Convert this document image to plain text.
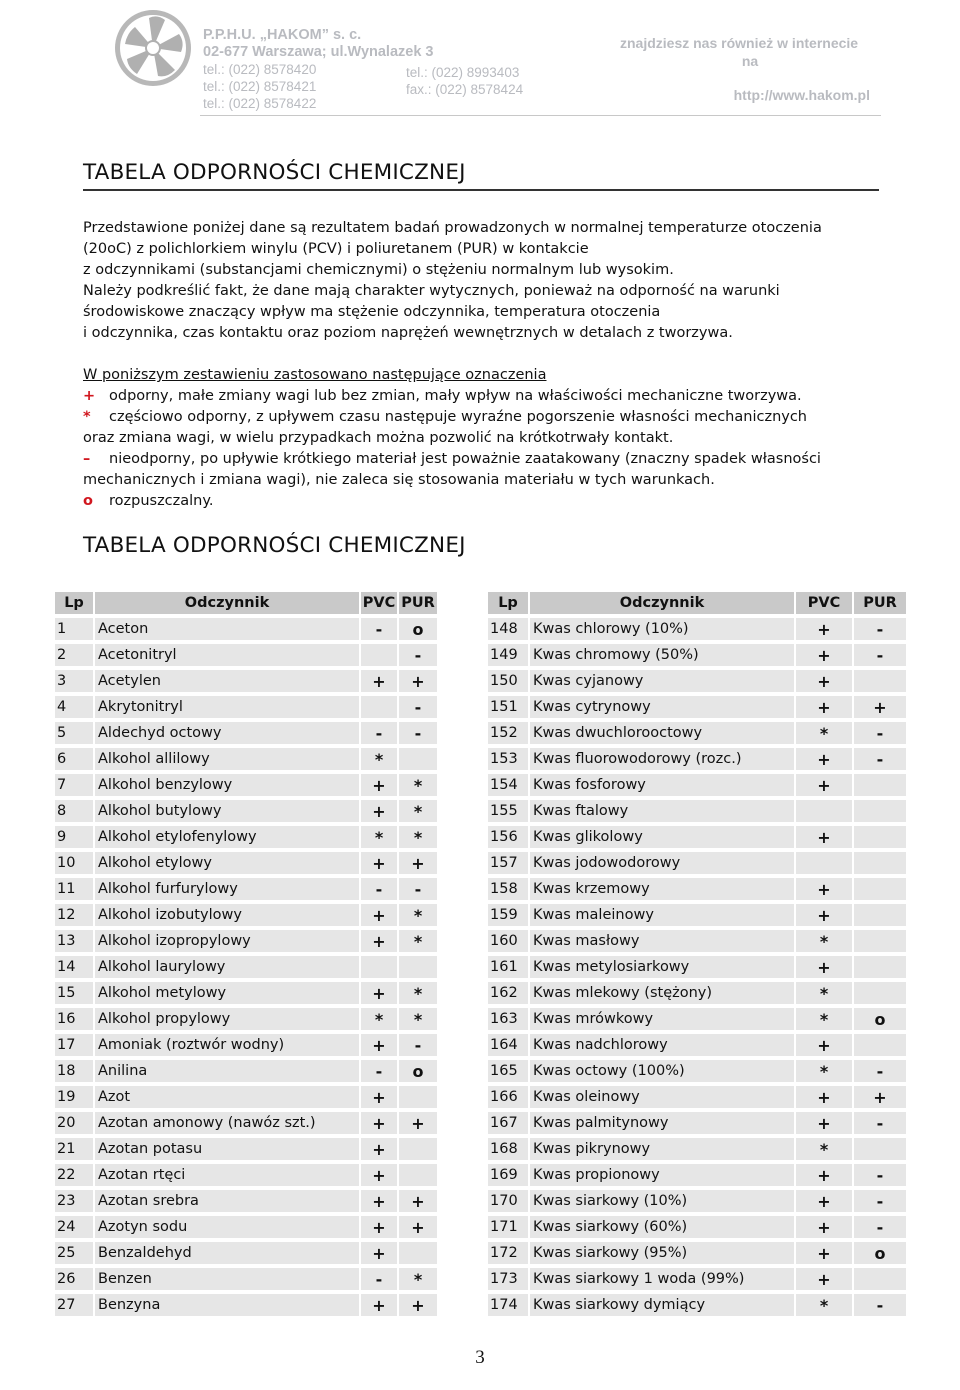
P.P.H.U. „HAKOM” s. c.
02-677 Warszawa; ul.Wynalazek 3
tel.: (022) 8578420
tel.: (022) 8578421
tel.: (022) 8578422
tel.: (022) 8993403
fax.: (022) 8578424
znajdziesz nas również w internecie
na
http://www.hakom.pl
TABELA ODPORNOŚCI CHEMICZNEJ

Przedstawione poniżej dane są rezultatem badań prowadzonych w normalnej temperaturze otoczenia

(20oC) z polichlorkiem winylu (PCV) i poliuretanem (PUR) w kontakcie

z odczynnikami (substancjami chemicznymi) o stężeniu normalnym lub wysokim.

Należy podkreślić fakt, że dane mają charakter wytycznych, ponieważ na odporność na warunki

środowiskowe znaczący wpływ ma stężenie odczynnika, temperatura otoczenia

i odczynnika, czas kontaktu oraz poziom naprężeń wewnętrznych w detalach z tworzywa.

W poniższym zestawieniu zastosowano następujące oznaczenia

+ odporny, małe zmiany wagi lub bez zmian, mały wpływ na właściwości mechaniczne tworzywa.

* częściowo odporny, z upływem czasu następuje wyraźne pogorszenie własności mechanicznych

oraz zmiana wagi, w wielu przypadkach można pozwolić na krótkotrwały kontakt.

– nieodporny, po upływie krótkiego materiał jest poważnie zaatakowany (znaczny spadek własności

mechanicznych i zmiana wagi), nie zaleca się stosowania materiału w tych warunkach.

o rozpuszczalny.

TABELA ODPORNOŚCI CHEMICZNEJ
Lp	Odczynnik	PVC	PUR
1	Aceton	-	o
2	Acetonitryl		-
3	Acetylen	+	+
4	Akrytonitryl		-
5	Aldechyd octowy	-	-
6	Alkohol allilowy	*	
7	Alkohol benzylowy	+	*
8	Alkohol butylowy	+	*
9	Alkohol etylofenylowy	*	*
10	Alkohol etylowy	+	+
11	Alkohol furfurylowy	-	-
12	Alkohol izobutylowy	+	*
13	Alkohol izopropylowy	+	*
14	Alkohol laurylowy		
15	Alkohol metylowy	+	*
16	Alkohol propylowy	*	*
17	Amoniak (roztwór wodny)	+	-
18	Anilina	-	o
19	Azot	+	
20	Azotan amonowy (nawóz szt.)	+	+
21	Azotan potasu	+	
22	Azotan rtęci	+	
23	Azotan srebra	+	+
24	Azotyn sodu	+	+
25	Benzaldehyd	+	
26	Benzen	-	*
27	Benzyna	+	+
Lp	Odczynnik	PVC	PUR
148	Kwas chlorowy (10%)	+	-
149	Kwas chromowy (50%)	+	-
150	Kwas cyjanowy	+	
151	Kwas cytrynowy	+	+
152	Kwas dwuchlorooctowy	*	-
153	Kwas fluorowodorowy (rozc.)	+	-
154	Kwas fosforowy	+	
155	Kwas ftalowy		
156	Kwas glikolowy	+	
157	Kwas jodowodorowy		
158	Kwas krzemowy	+	
159	Kwas maleinowy	+	
160	Kwas masłowy	*	
161	Kwas metylosiarkowy	+	
162	Kwas mlekowy (stężony)	*	
163	Kwas mrówkowy	*	o
164	Kwas nadchlorowy	+	
165	Kwas octowy (100%)	*	-
166	Kwas oleinowy	+	+
167	Kwas palmitynowy	+	-
168	Kwas pikrynowy	*	
169	Kwas propionowy	+	-
170	Kwas siarkowy (10%)	+	-
171	Kwas siarkowy (60%)	+	-
172	Kwas siarkowy (95%)	+	o
173	Kwas siarkowy 1 woda (99%)	+	
174	Kwas siarkowy dymiący	*	-
3
